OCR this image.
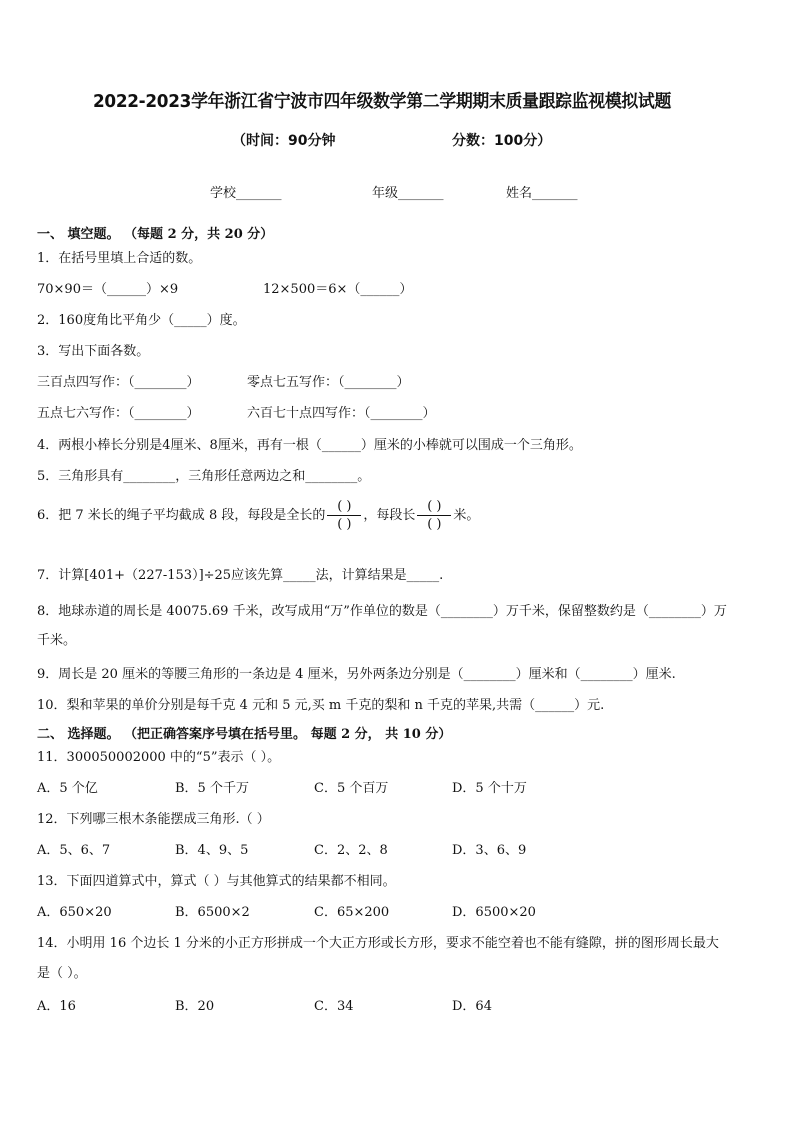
2022-2023学年浙江省宁波市四年级数学第二学期期末质量跟踪监视模拟试题
（时间：90分钟	分数：100分）
学校_______	年级_______	姓名_______
一、 填空题。 （每题 2 分，共 20 分）
1．在括号里填上合适的数。
70×90＝（______）×9	12×500＝6×（______）
2．160度角比平角少（_____）度。
3．写出下面各数。
三百点四写作：（________）	零点七五写作：（________）
五点七六写作：（________）	六百七十点四写作：（________）
4．两根小棒长分别是4厘米、8厘米，再有一根（______）厘米的小棒就可以围成一个三角形。
5．三角形具有________，三角形任意两边之和________。
6．把 7 米长的绳子平均截成 8 段，每段是全长的 $\frac{( )}{( )}$ ，每段长 $\frac{( )}{( )}$ 米。
7．计算[401+（227-153）]÷25应该先算_____法，计算结果是_____.
8．地球赤道的周长是 40075.69 千米，改写成用“万”作单位的数是（________）万千米，保留整数约是（________）万
千米。
9．周长是 20 厘米的等腰三角形的一条边是 4 厘米，另外两条边分别是（________）厘米和（________）厘米.
10．梨和苹果的单价分别是每千克 4 元和 5 元,买 m 千克的梨和 n 千克的苹果,共需（______）元.
二、 选择题。 （把正确答案序号填在括号里。 每题 2 分， 共 10 分）
11．300050002000 中的“5”表示（ ）。
A．5 个亿	B．5 个千万	C．5 个百万	D．5 个十万
12．下列哪三根木条能摆成三角形.（ ）
A．5、6、7	B．4、9、5	C．2、2、8	D．3、6、9
13．下面四道算式中，算式（ ）与其他算式的结果都不相同。
A．650×20	B．6500×2	C．65×200	D．6500×20
14．小明用 16 个边长 1 分米的小正方形拼成一个大正方形或长方形，要求不能空着也不能有缝隙，拼的图形周长最大
是（ ）。
A．16	B．20	C．34	D．64
